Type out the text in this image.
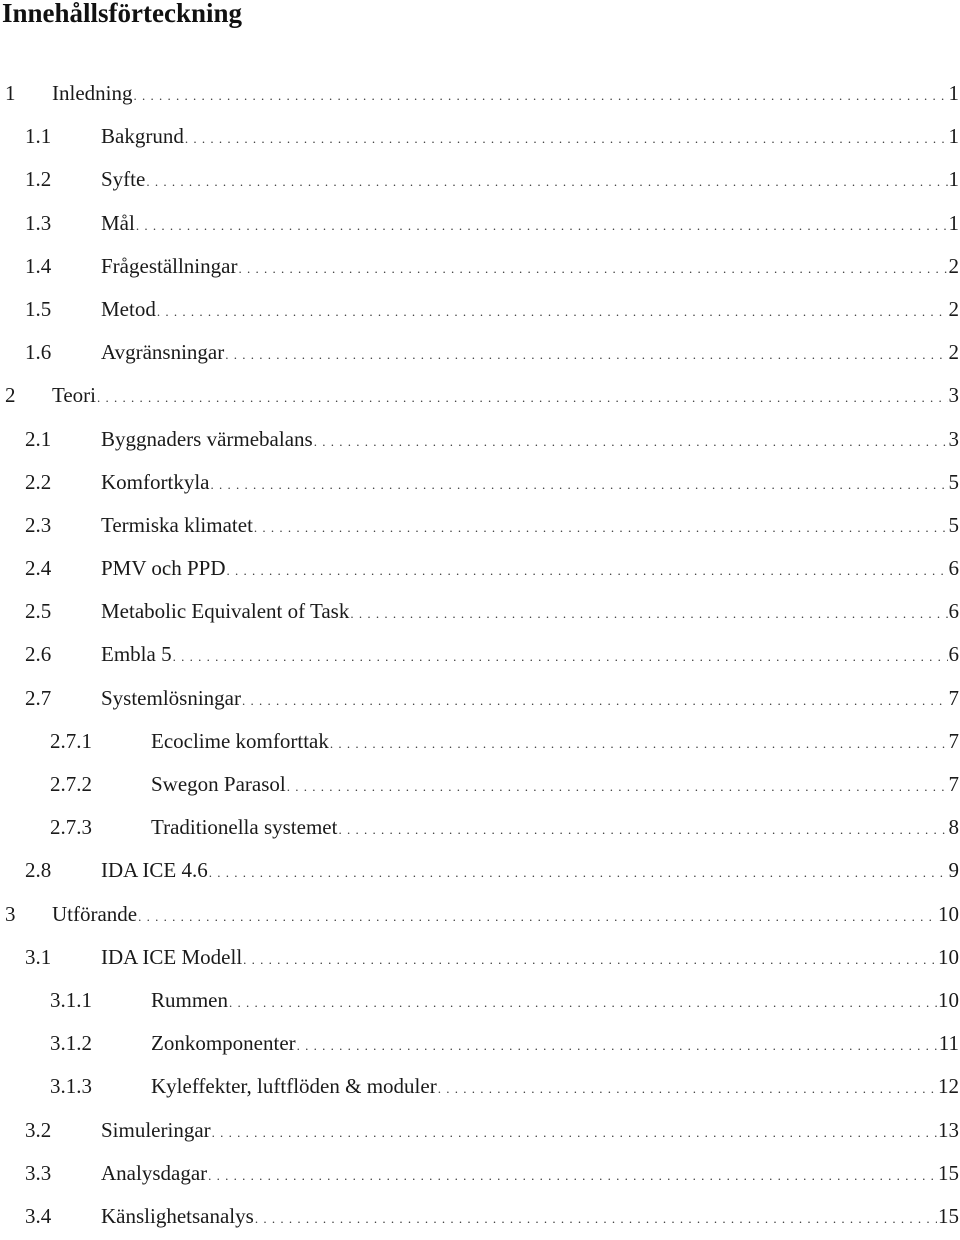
Innehållsförteckning
1 Inledning . . .	1
1.1 Bakgrund . . .	1
1.2 Syfte . . .	1
1.3 Mål . . .	1
1.4 Frågeställningar . . .	2
1.5 Metod . . .	2
1.6 Avgränsningar . . .	2
2 Teori . . .	3
2.1 Byggnaders värmebalans . . .	3
2.2 Komfortkyla . . .	5
2.3 Termiska klimatet . . .	5
2.4 PMV och PPD . . .	6
2.5 Metabolic Equivalent of Task . . .	6
2.6 Embla 5 . . .	6
2.7 Systemlösningar . . .	7
2.7.1	Ecoclime komforttak . . .	7
2.7.2	Swegon Parasol . . .	7
2.7.3	Traditionella systemet . . .	8
2.8 IDA ICE 4.6 . . .	9
3 Utförande . . .	10
3.1 IDA ICE Modell . . .	10
3.1.1	Rummen . . .	10
3.1.2	Zonkomponenter . . .	11
3.1.3	Kyleffekter, luftflöden & moduler . . .	12
3.2 Simuleringar . . .	13
3.3 Analysdagar . . .	15
3.4 Känslighetsanalys . . .	15
